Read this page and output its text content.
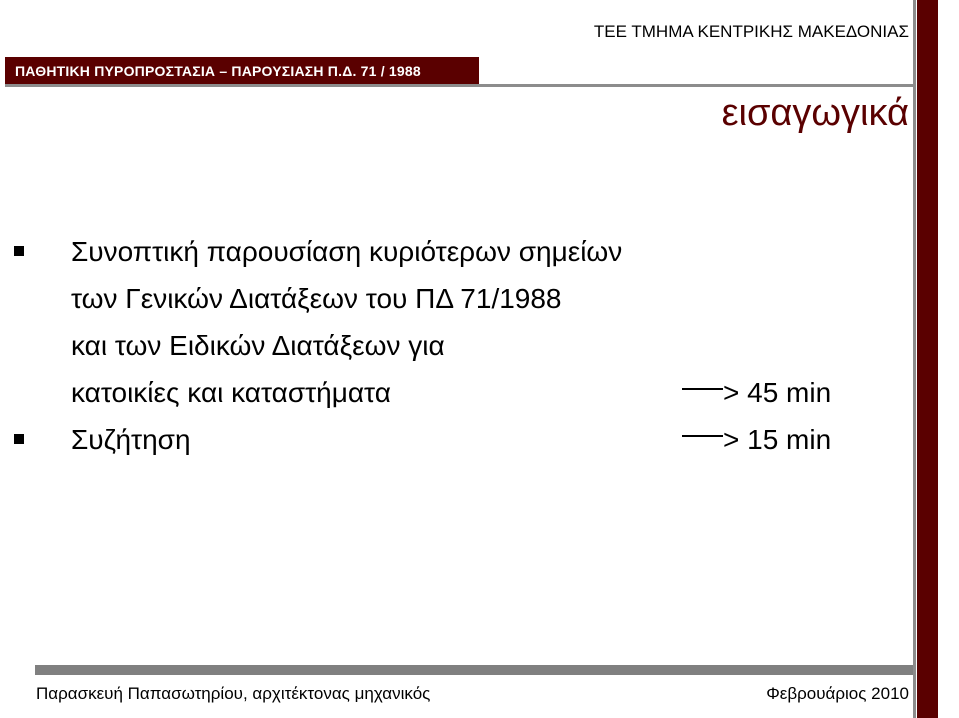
ΤΕΕ ΤΜΗΜΑ ΚΕΝΤΡΙΚΗΣ ΜΑΚΕΔΟΝΙΑΣ
ΠΑΘΗΤΙΚΗ ΠΥΡΟΠΡΟΣΤΑΣΙΑ – ΠΑΡΟΥΣΙΑΣΗ Π.Δ. 71 / 1988
εισαγωγικά
Συνοπτική παρουσίαση κυριότερων σημείων
των Γενικών Διατάξεων του ΠΔ 71/1988
και των Ειδικών Διατάξεων για
κατοικίες και καταστήματα	> 45 min
Συζήτηση	> 15 min
Παρασκευή Παπασωτηρίου, αρχιτέκτονας μηχανικός	Φεβρουάριος 2010
